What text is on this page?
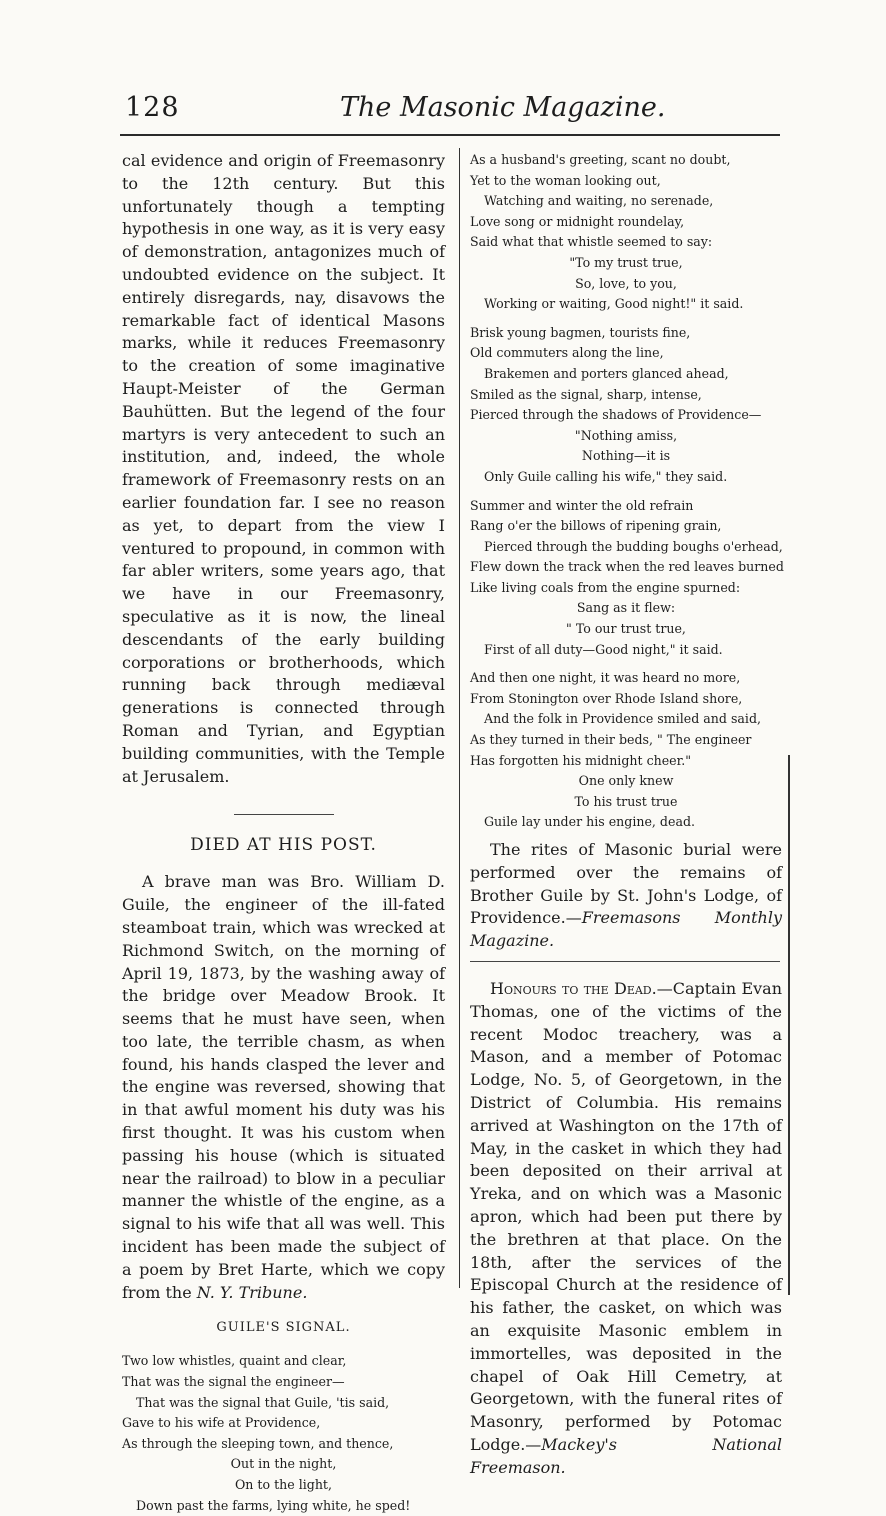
128	The Masonic Magazine.

cal evidence and origin of Freemasonry to the 12th century. But this unfortunately though a tempting hypothesis in one way, as it is very easy of demonstration, antagonizes much of undoubted evidence on the subject. It entirely disregards, nay, disavows the remarkable fact of identical Masons marks, while it reduces Freemasonry to the creation of some imaginative Haupt-Meister of the German Bauhütten. But the legend of the four martyrs is very antecedent to such an institution, and, indeed, the whole framework of Freemasonry rests on an earlier foundation far. I see no reason as yet, to depart from the view I ventured to propound, in common with far abler writers, some years ago, that we have in our Freemasonry, speculative as it is now, the lineal descendants of the early building corporations or brotherhoods, which running back through mediæval generations is connected through Roman and Tyrian, and Egyptian building communities, with the Temple at Jerusalem.

DIED AT HIS POST.

A brave man was Bro. William D. Guile, the engineer of the ill-fated steamboat train, which was wrecked at Richmond Switch, on the morning of April 19, 1873, by the washing away of the bridge over Meadow Brook. It seems that he must have seen, when too late, the terrible chasm, as when found, his hands clasped the lever and the engine was reversed, showing that in that awful moment his duty was his first thought. It was his custom when passing his house (which is situated near the railroad) to blow in a peculiar manner the whistle of the engine, as a signal to his wife that all was well. This incident has been made the subject of a poem by Bret Harte, which we copy from the N. Y. Tribune.

GUILE'S SIGNAL.
Two low whistles, quaint and clear,
That was the signal the engineer—
That was the signal that Guile, 'tis said,
Gave to his wife at Providence,
As through the sleeping town, and thence,
Out in the night,
On to the light,
Down past the farms, lying white, he sped!
As a husband's greeting, scant no doubt,
Yet to the woman looking out,
Watching and waiting, no serenade,
Love song or midnight roundelay,
Said what that whistle seemed to say:
"To my trust true,
So, love, to you,
Working or waiting, Good night!" it said.
Brisk young bagmen, tourists fine,
Old commuters along the line,
Brakemen and porters glanced ahead,
Smiled as the signal, sharp, intense,
Pierced through the shadows of Providence—
"Nothing amiss,
Nothing—it is
Only Guile calling his wife," they said.
Summer and winter the old refrain
Rang o'er the billows of ripening grain,
Pierced through the budding boughs o'erhead,
Flew down the track when the red leaves burned
Like living coals from the engine spurned:
Sang as it flew:
" To our trust true,
First of all duty—Good night," it said.
And then one night, it was heard no more,
From Stonington over Rhode Island shore,
And the folk in Providence smiled and said,
As they turned in their beds, " The engineer
Has forgotten his midnight cheer."
One only knew
To his trust true
Guile lay under his engine, dead.

The rites of Masonic burial were performed over the remains of Brother Guile by St. John's Lodge, of Providence.—Freemasons Monthly Magazine.

Honours to the Dead.—Captain Evan Thomas, one of the victims of the recent Modoc treachery, was a Mason, and a member of Potomac Lodge, No. 5, of Georgetown, in the District of Columbia. His remains arrived at Washington on the 17th of May, in the casket in which they had been deposited on their arrival at Yreka, and on which was a Masonic apron, which had been put there by the brethren at that place. On the 18th, after the services of the Episcopal Church at the residence of his father, the casket, on which was an exquisite Masonic emblem in immortelles, was deposited in the chapel of Oak Hill Cemetry, at Georgetown, with the funeral rites of Masonry, performed by Potomac Lodge.—Mackey's National Freemason.
